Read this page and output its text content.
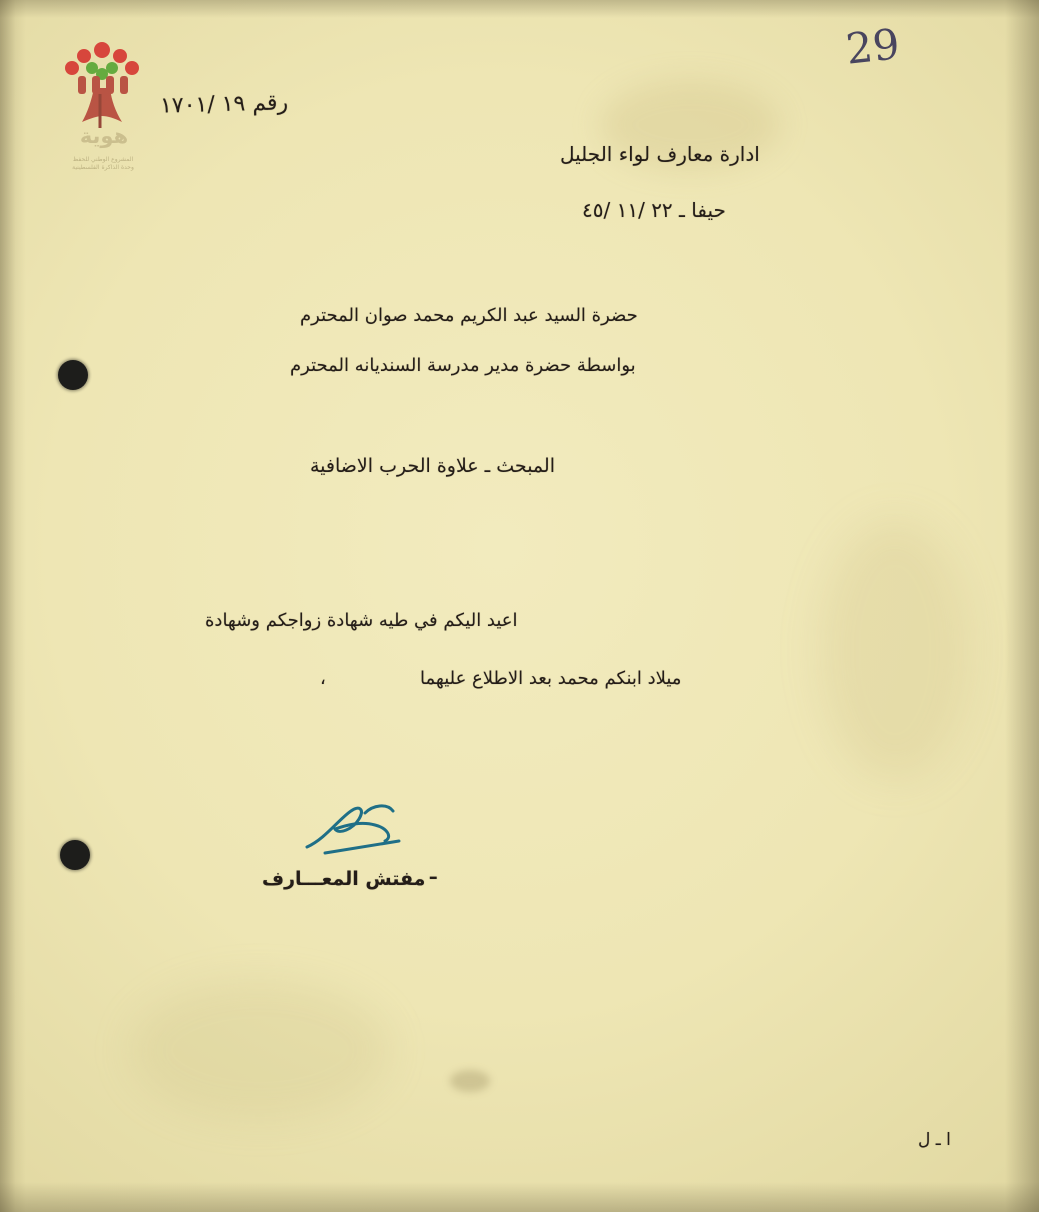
هوية
المشروع الوطني للحفظ
وحدة الذاكرة الفلسطينية
29
رقم ١٩ /١٧٠١
ادارة معارف لواء الجليل
حيفا ـ ٢٢ /١١ /٤٥
حضرة السيد عبد الكريم محمد صوان المحترم
بواسطة حضرة مدير مدرسة السنديانه المحترم
المبحث ـ علاوة الحرب الاضافية
اعيد اليكم في طيه شهادة زواجكم وشهادة
ميلاد ابنكم محمد بعد الاطلاع عليهما
،
مفتش المعـــارف ـ
ا ـ ل
